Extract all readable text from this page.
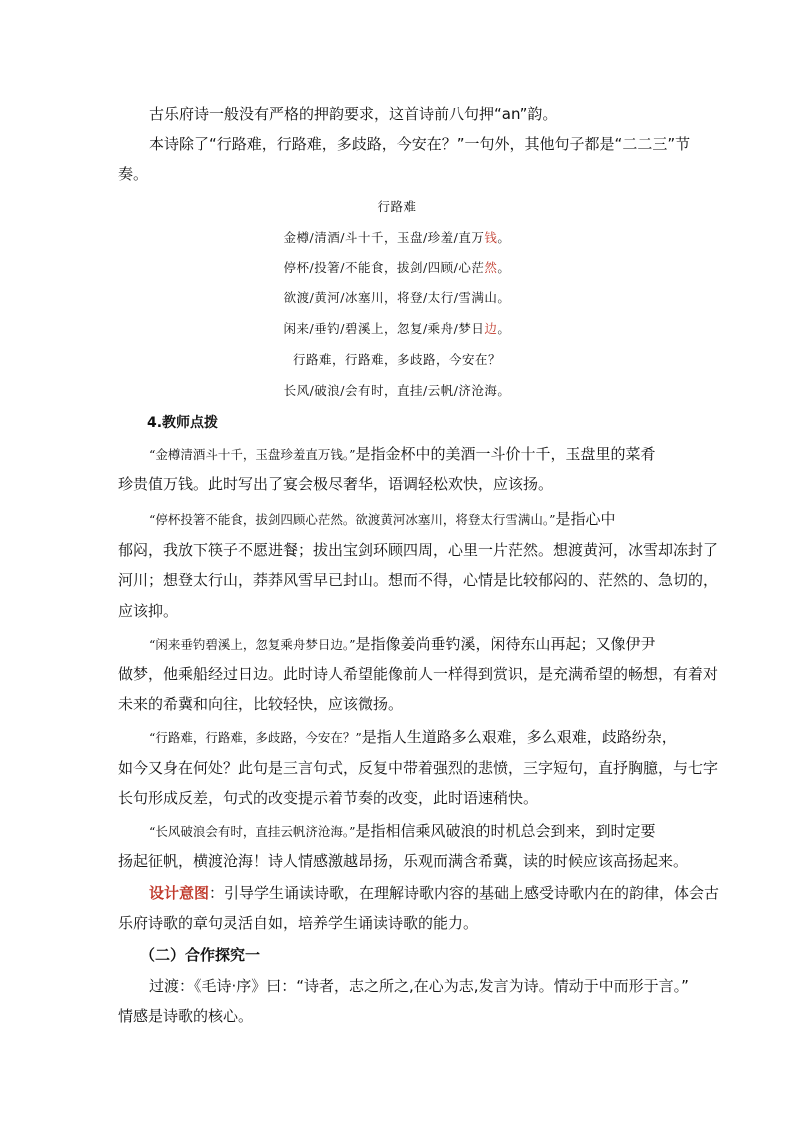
古乐府诗一般没有严格的押韵要求，这首诗前八句押“an”韵。
本诗除了“行路难，行路难，多歧路，今安在？”一句外，其他句子都是“二二三”节
奏。
行路难
金樽/清酒/斗十千，玉盘/珍羞/直万钱。
停杯/投箸/不能食，拔剑/四顾/心茫然。
欲渡/黄河/冰塞川，将登/太行/雪满山。
闲来/垂钓/碧溪上，忽复/乘舟/梦日边。
行路难，行路难，多歧路，今安在？
长风/破浪/会有时，直挂/云帆/济沧海。
4.教师点拨
“金樽清酒斗十千，玉盘珍羞直万钱。”是指金杯中的美酒一斗价十千，玉盘里的菜肴
珍贵值万钱。此时写出了宴会极尽奢华，语调轻松欢快，应该扬。
“停杯投箸不能食，拔剑四顾心茫然。欲渡黄河冰塞川，将登太行雪满山。”是指心中
郁闷，我放下筷子不愿进餐；拔出宝剑环顾四周，心里一片茫然。想渡黄河，冰雪却冻封了
河川；想登太行山，莽莽风雪早已封山。想而不得，心情是比较郁闷的、茫然的、急切的，
应该抑。
“闲来垂钓碧溪上，忽复乘舟梦日边。”是指像姜尚垂钓溪，闲待东山再起；又像伊尹
做梦，他乘船经过日边。此时诗人希望能像前人一样得到赏识，是充满希望的畅想，有着对
未来的希冀和向往，比较轻快，应该微扬。
“行路难，行路难，多歧路，今安在？”是指人生道路多么艰难，多么艰难，歧路纷杂，
如今又身在何处？此句是三言句式，反复中带着强烈的悲愤，三字短句，直抒胸臆，与七字
长句形成反差，句式的改变提示着节奏的改变，此时语速稍快。
“长风破浪会有时，直挂云帆济沧海。”是指相信乘风破浪的时机总会到来，到时定要
扬起征帆，横渡沧海！诗人情感激越昂扬，乐观而满含希冀，读的时候应该高扬起来。
设计意图：引导学生诵读诗歌，在理解诗歌内容的基础上感受诗歌内在的韵律，体会古
乐府诗歌的章句灵活自如，培养学生诵读诗歌的能力。
（二）合作探究一
过渡：《毛诗·序》曰：“诗者，志之所之,在心为志,发言为诗。情动于中而形于言。”
情感是诗歌的核心。
